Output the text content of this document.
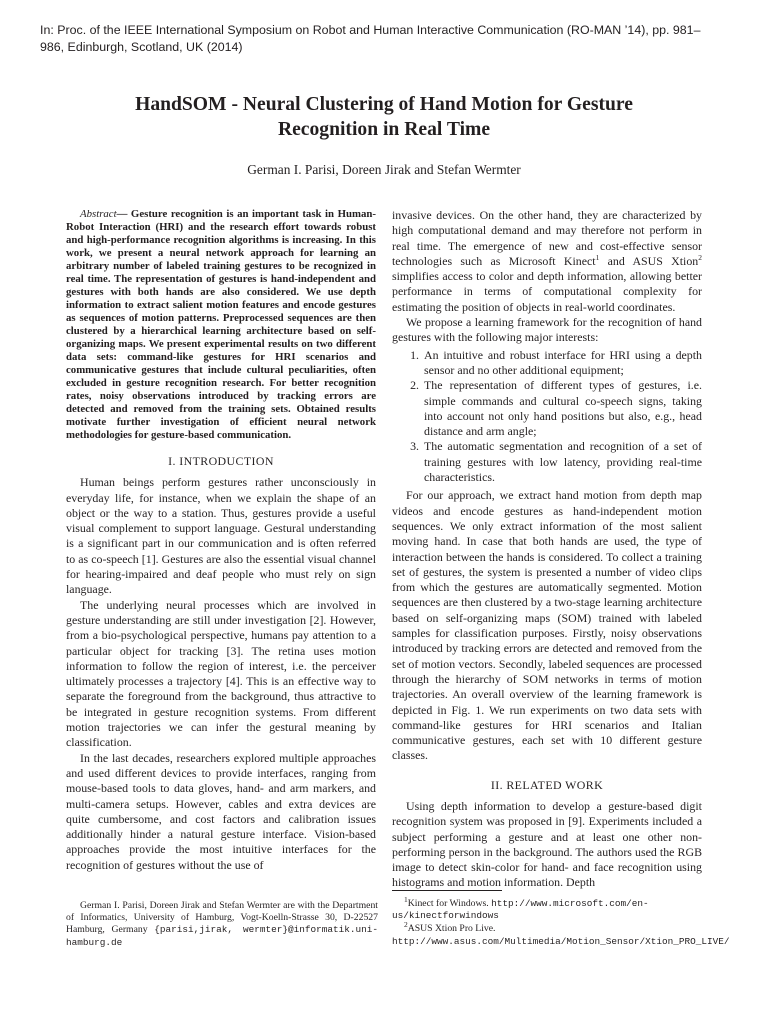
In: Proc. of the IEEE International Symposium on Robot and Human Interactive Communication (RO-MAN ’14), pp. 981–986, Edinburgh, Scotland, UK (2014)
HandSOM - Neural Clustering of Hand Motion for Gesture
Recognition in Real Time
German I. Parisi, Doreen Jirak and Stefan Wermter

Abstract— Gesture recognition is an important task in Human-Robot Interaction (HRI) and the research effort towards robust and high-performance recognition algorithms is increasing. In this work, we present a neural network approach for learning an arbitrary number of labeled training gestures to be recognized in real time. The representation of gestures is hand-independent and gestures with both hands are also considered. We use depth information to extract salient motion features and encode gestures as sequences of motion patterns. Preprocessed sequences are then clustered by a hierarchical learning architecture based on self-organizing maps. We present experimental results on two different data sets: command-like gestures for HRI scenarios and communicative gestures that include cultural peculiarities, often excluded in gesture recognition research. For better recognition rates, noisy observations introduced by tracking errors are detected and removed from the training sets. Obtained results motivate further investigation of efficient neural network methodologies for gesture-based communication.

I. INTRODUCTION

Human beings perform gestures rather unconsciously in everyday life, for instance, when we explain the shape of an object or the way to a station. Thus, gestures provide a useful visual complement to support language. Gestural understanding is a significant part in our communication and is often referred to as co-speech [1]. Gestures are also the essential visual channel for hearing-impaired and deaf people who must rely on sign language.

The underlying neural processes which are involved in gesture understanding are still under investigation [2]. However, from a bio-psychological perspective, humans pay attention to a particular object for tracking [3]. The retina uses motion information to follow the region of interest, i.e. the perceiver ultimately processes a trajectory [4]. This is an effective way to separate the foreground from the background, thus attractive to be integrated in gesture recognition systems. From different motion trajectories we can infer the gestural meaning by classification.

In the last decades, researchers explored multiple approaches and used different devices to provide interfaces, ranging from mouse-based tools to data gloves, hand- and arm markers, and multi-camera setups. However, cables and extra devices are quite cumbersome, and cost factors and calibration issues additionally hinder a natural gesture interface. Vision-based approaches provide the most intuitive interfaces for the recognition of gestures without the use of

invasive devices. On the other hand, they are characterized by high computational demand and may therefore not perform in real time. The emergence of new and cost-effective sensor technologies such as Microsoft Kinect$^1$ and ASUS Xtion$^2$ simplifies access to color and depth information, allowing better performance in terms of computational complexity for estimating the position of objects in real-world coordinates.

We propose a learning framework for the recognition of hand gestures with the following major interests:

1. An intuitive and robust interface for HRI using a depth sensor and no other additional equipment;
2. The representation of different types of gestures, i.e. simple commands and cultural co-speech signs, taking into account not only hand positions but also, e.g., head distance and arm angle;
3. The automatic segmentation and recognition of a set of training gestures with low latency, providing real-time characteristics.

For our approach, we extract hand motion from depth map videos and encode gestures as hand-independent motion sequences. We only extract information of the most salient moving hand. In case that both hands are used, the type of interaction between the hands is considered. To collect a training set of gestures, the system is presented a number of video clips from which the gestures are automatically segmented. Motion sequences are then clustered by a two-stage learning architecture based on self-organizing maps (SOM) trained with labeled samples for classification purposes. Firstly, noisy observations introduced by tracking errors are detected and removed from the set of motion vectors. Secondly, labeled sequences are processed through the hierarchy of SOM networks in terms of motion trajectories. An overall overview of the learning framework is depicted in Fig. 1. We run experiments on two data sets with command-like gestures for HRI scenarios and Italian communicative gestures, each set with 10 different gesture classes.

II. RELATED WORK

Using depth information to develop a gesture-based digit recognition system was proposed in [9]. Experiments included a subject performing a gesture and at least one other non-performing person in the background. The authors used the RGB image to detect skin-color for hand- and face recognition using histograms and motion information. Depth

German I. Parisi, Doreen Jirak and Stefan Wermter are with the Department of Informatics, University of Hamburg, Vogt-Koelln-Strasse 30, D-22527 Hamburg, Germany {parisi,jirak, wermter}@informatik.uni-hamburg.de

$^1$Kinect for Windows. http://www.microsoft.com/en-us/kinectforwindows

$^2$ASUS Xtion Pro Live. http://www.asus.com/Multimedia/Motion_Sensor/Xtion_PRO_LIVE/
